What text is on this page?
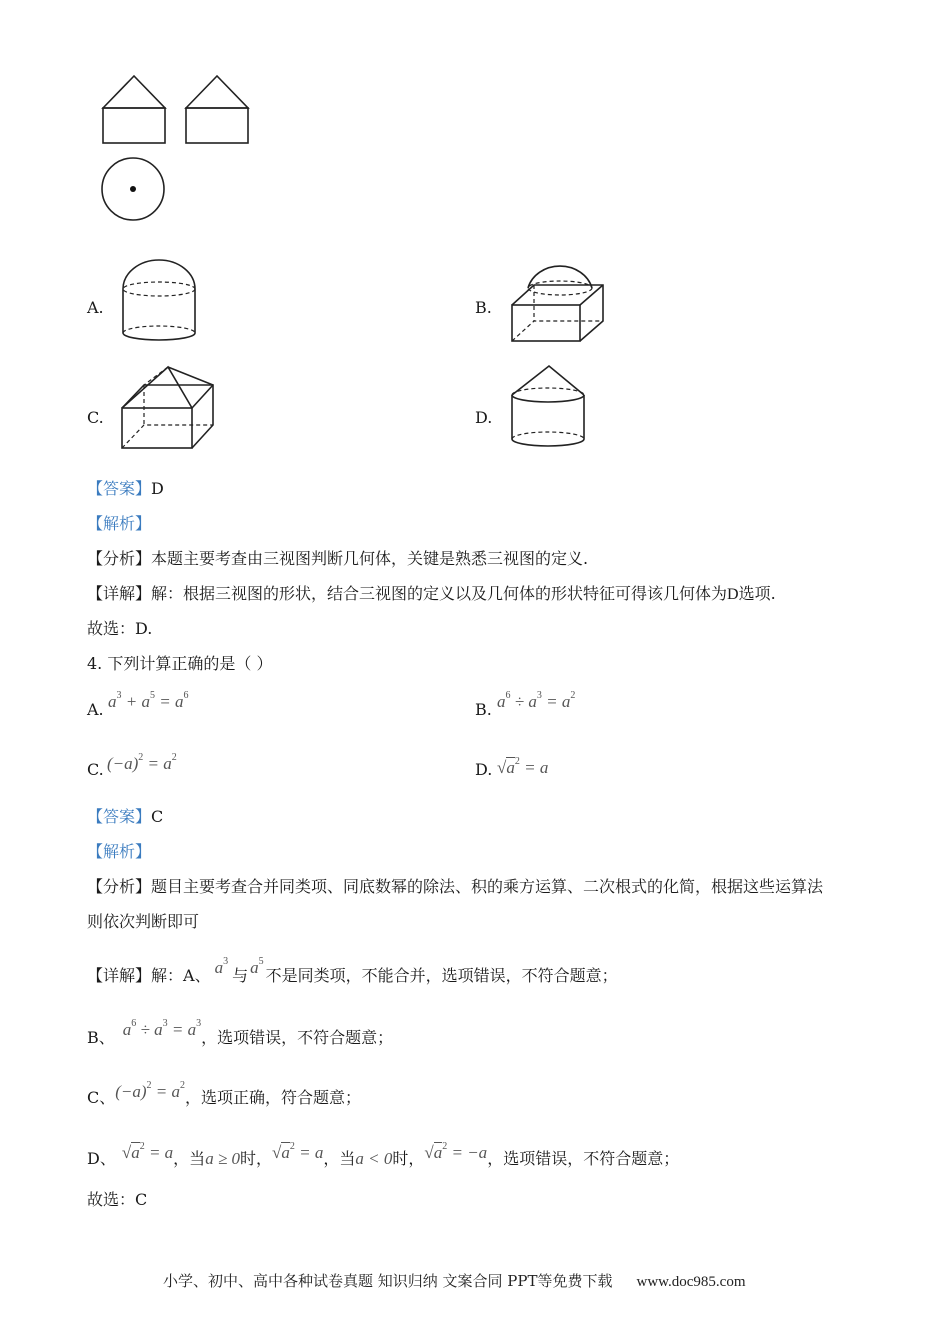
A.	B.
C.	D.
【答案】D
【解析】
【分析】本题主要考查由三视图判断几何体，关键是熟悉三视图的定义.
【详解】解：根据三视图的形状，结合三视图的定义以及几何体的形状特征可得该几何体为D选项.
故选：D.
4. 下列计算正确的是（ ）
A. $a^3 + a^5 = a^6$
B. $a^6 \div a^3 = a^2$
C. $(-a)^2 = a^2$
D. $√a^2 = a$
【答案】C
【解析】
【分析】题目主要考查合并同类项、同底数幂的除法、积的乘方运算、二次根式的化简，根据这些运算法
则依次判断即可
【详解】解：A、 $a^3$与 $a^5$不是同类项，不能合并，选项错误，不符合题意；
B、 $a^6 \div a^3 = a^3$，选项错误，不符合题意；
C、$(-a)^2 = a^2$，选项正确，符合题意；
D、 $√a^2 = a$，当a ≥ 0时，$√a^2 = a$，当a < 0时，$√a^2 = -a$，选项错误，不符合题意；
故选：C
小学、初中、高中各种试卷真题 知识归纳 文案合同 PPT等免费下载 www.doc985.com
